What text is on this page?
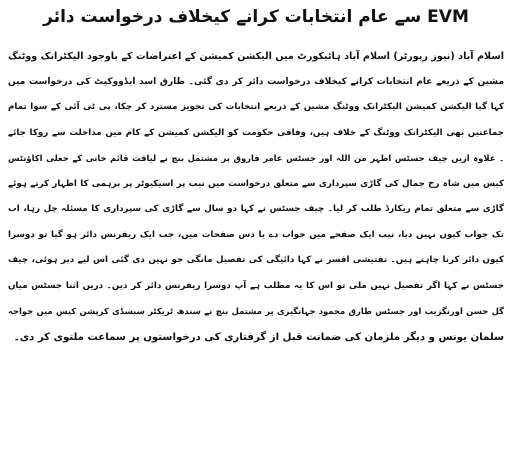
EVM سے عام انتخابات کرانے کیخلاف درخواست دائر
اسلام آباد (نیوز رپورٹر) اسلام آباد ہائیکورٹ میں الیکشن کمیشن کے اعتراضات کے باوجود الیکٹرانک ووٹنگ
مشین کے ذریعے عام انتخابات کرانے کیخلاف درخواست دائر کر دی گئی۔ طارق اسد ایڈووکیٹ کی درخواست میں
کہا گیا الیکشن کمیشن الیکٹرانک ووٹنگ مشین کے ذریعے انتخابات کی تجویز مسترد کر چکا، پی ٹی آئی کے سوا تمام
جماعتیں بھی الیکٹرانک ووٹنگ کے خلاف ہیں، وفاقی حکومت کو الیکشن کمیشن کے کام میں مداخلت سے روکا جائے
۔ علاوہ ازیں چیف جسٹس اطہر من اللہ اور جسٹس عامر فاروق پر مشتمل بنچ نے لیاقت قائم خانی کے جعلی اکاؤنٹس
کیس میں شاہ رخ جمال کی گاڑی سپرداری سے متعلق درخواست میں نیب پر اسیکیوٹر پر برہمی کا اظہار کرتے ہوئے
گاڑی سے متعلق تمام ریکارڈ طلب کر لیا۔ چیف جسٹس نے کہا دو سال سے گاڑی کی سپرداری کا مسئلہ چل رہا، اب
تک جواب کیوں نہیں دیا، نیب ایک صفحے میں جواب دے یا دس صفحات میں، جب ایک ریفرنس دائر ہو گیا تو دوسرا
کیوں دائر کرنا چاہتے ہیں۔ تفتیشی افسر نے کہا دائیگی کی تفصیل مانگی جو نہیں دی گئی اس لیے دیر ہوئی، چیف
جسٹس نے کہا اگر تفصیل نہیں ملی تو اس کا یہ مطلب ہے آپ دوسرا ریفرنس دائر کر دیں۔ دریں اثنا جسٹس میاں
گل حسن اورنگزیب اور جسٹس طارق محمود جہانگیری پر مشتمل بنچ نے سندھ ٹریکٹر سبسڈی کرپشن کیس میں خواجہ
سلمان یونس و دیگر ملزمان کی ضمانت قبل از گرفتاری کی درخواستوں پر سماعت ملتوی کر دی۔
